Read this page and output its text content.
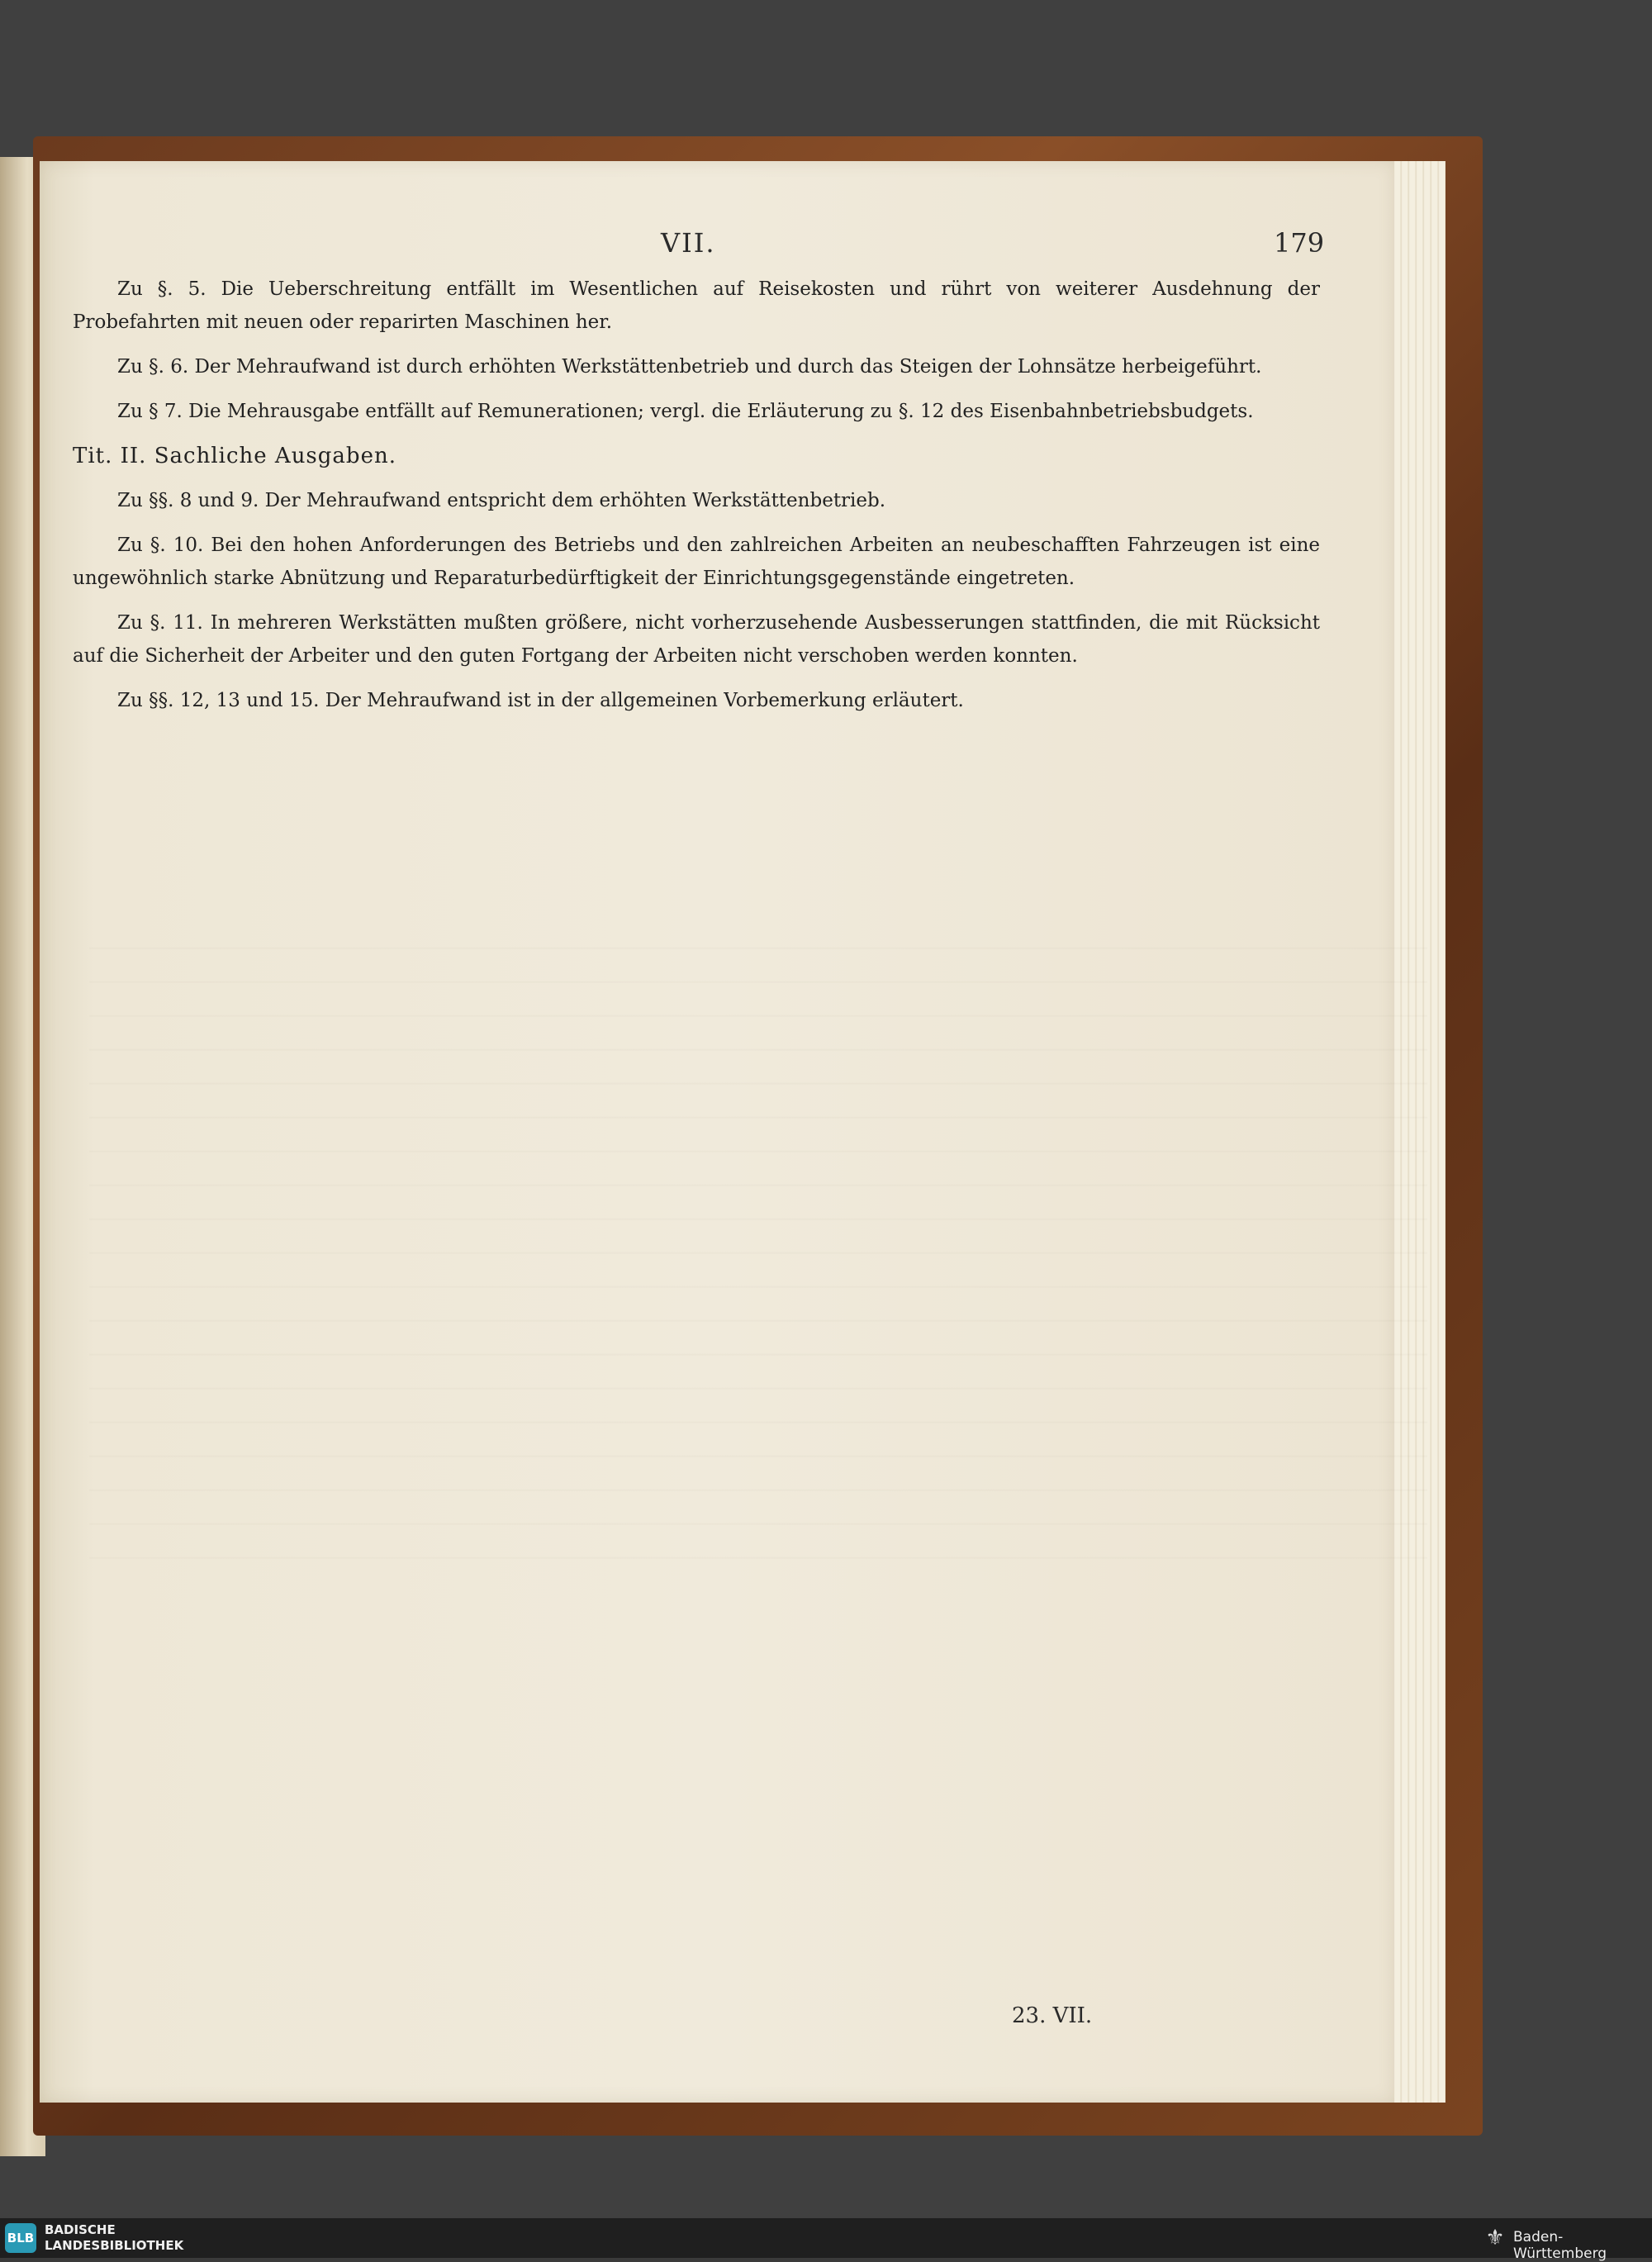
VII.	179

Zu §. 5. Die Ueberschreitung entfällt im Wesentlichen auf Reisekosten und rührt von weiterer Ausdehnung der Probefahrten mit neuen oder reparirten Maschinen her.

Zu §. 6. Der Mehraufwand ist durch erhöhten Werkstättenbetrieb und durch das Steigen der Lohnsätze herbeigeführt.

Zu § 7. Die Mehrausgabe entfällt auf Remunerationen; vergl. die Erläuterung zu §. 12 des Eisenbahnbetriebsbudgets.

Tit. II. Sachliche Ausgaben.

Zu §§. 8 und 9. Der Mehraufwand entspricht dem erhöhten Werkstättenbetrieb.

Zu §. 10. Bei den hohen Anforderungen des Betriebs und den zahlreichen Arbeiten an neubeschafften Fahrzeugen ist eine ungewöhnlich starke Abnützung und Reparaturbedürftigkeit der Einrichtungsgegenstände eingetreten.

Zu §. 11. In mehreren Werkstätten mußten größere, nicht vorherzusehende Ausbesserungen stattfinden, die mit Rücksicht auf die Sicherheit der Arbeiter und den guten Fortgang der Arbeiten nicht verschoben werden konnten.

Zu §§. 12, 13 und 15. Der Mehraufwand ist in der allgemeinen Vorbemerkung erläutert.

23. VII.
BLB
BADISCHE
LANDESBIBLIOTHEK	⚜ Baden-Württemberg
